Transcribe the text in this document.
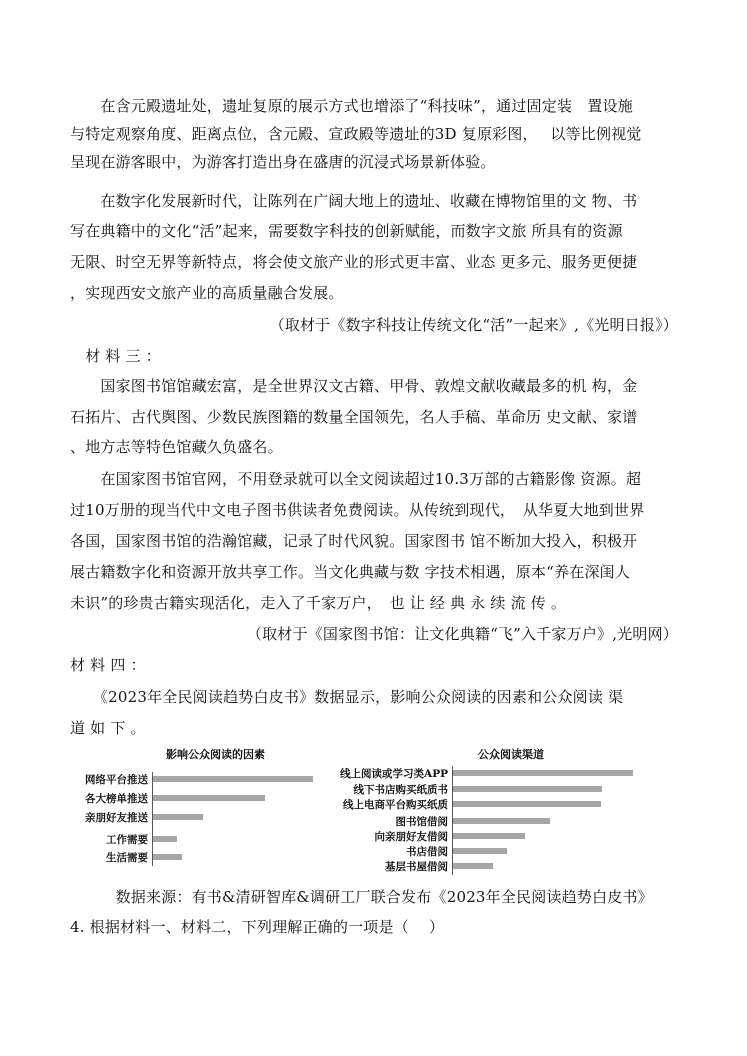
　　在含元殿遗址处，遗址复原的展示方式也增添了“科技味”，通过固定装　置设施
与特定观察角度、距离点位，含元殿、宣政殿等遗址的3D 复原彩图，　 以等比例视觉
呈现在游客眼中，为游客打造出身在盛唐的沉浸式场景新体验。
　　在数字化发展新时代，让陈列在广阔大地上的遗址、收藏在博物馆里的文 物、书
写在典籍中的文化“活”起来，需要数字科技的创新赋能，而数字文旅 所具有的资源
无限、时空无界等新特点，将会使文旅产业的形式更丰富、业态 更多元、服务更便捷
，实现西安文旅产业的高质量融合发展。
（取材于《数字科技让传统文化“活”一起来》,《光明日报》）
　材 料 三 ：
　　国家图书馆馆藏宏富，是全世界汉文古籍、甲骨、敦煌文献收藏最多的机 构，金
石拓片、古代舆图、少数民族图籍的数量全国领先，名人手稿、革命历 史文献、家谱
、地方志等特色馆藏久负盛名。
　　在国家图书馆官网，不用登录就可以全文阅读超过10.3万部的古籍影像 资源。超
过10万册的现当代中文电子图书供读者免费阅读。从传统到现代，　从华夏大地到世界
各国，国家图书馆的浩瀚馆藏，记录了时代风貌。国家图书 馆不断加大投入，积极开
展古籍数字化和资源开放共享工作。当文化典藏与数 字技术相遇，原本“养在深闺人
未识”的珍贵古籍实现活化，走入了千家万户，　也 让 经 典 永 续 流 传 。
（取材于《国家图书馆：让文化典籍“飞”入千家万户》,光明网）
材 料 四 ：
　　《2023年全民阅读趋势白皮书》数据显示，影响公众阅读的因素和公众阅读 渠
道 如 下 。
　　　数据来源：有书&清研智库&调研工厂联合发布《2023年全民阅读趋势白皮书》
4. 根据材料一、材料二，下列理解正确的一项是（　 ）
影响公众阅读的因素
网络平台推送
各大榜单推送
亲朋好友推送
工作需要
生活需要
公众阅读渠道
线上阅读或学习类APP
线下书店购买纸质书
线上电商平台购买纸质
图书馆借阅
向亲朋好友借阅
书店借阅
基层书屋借阅
